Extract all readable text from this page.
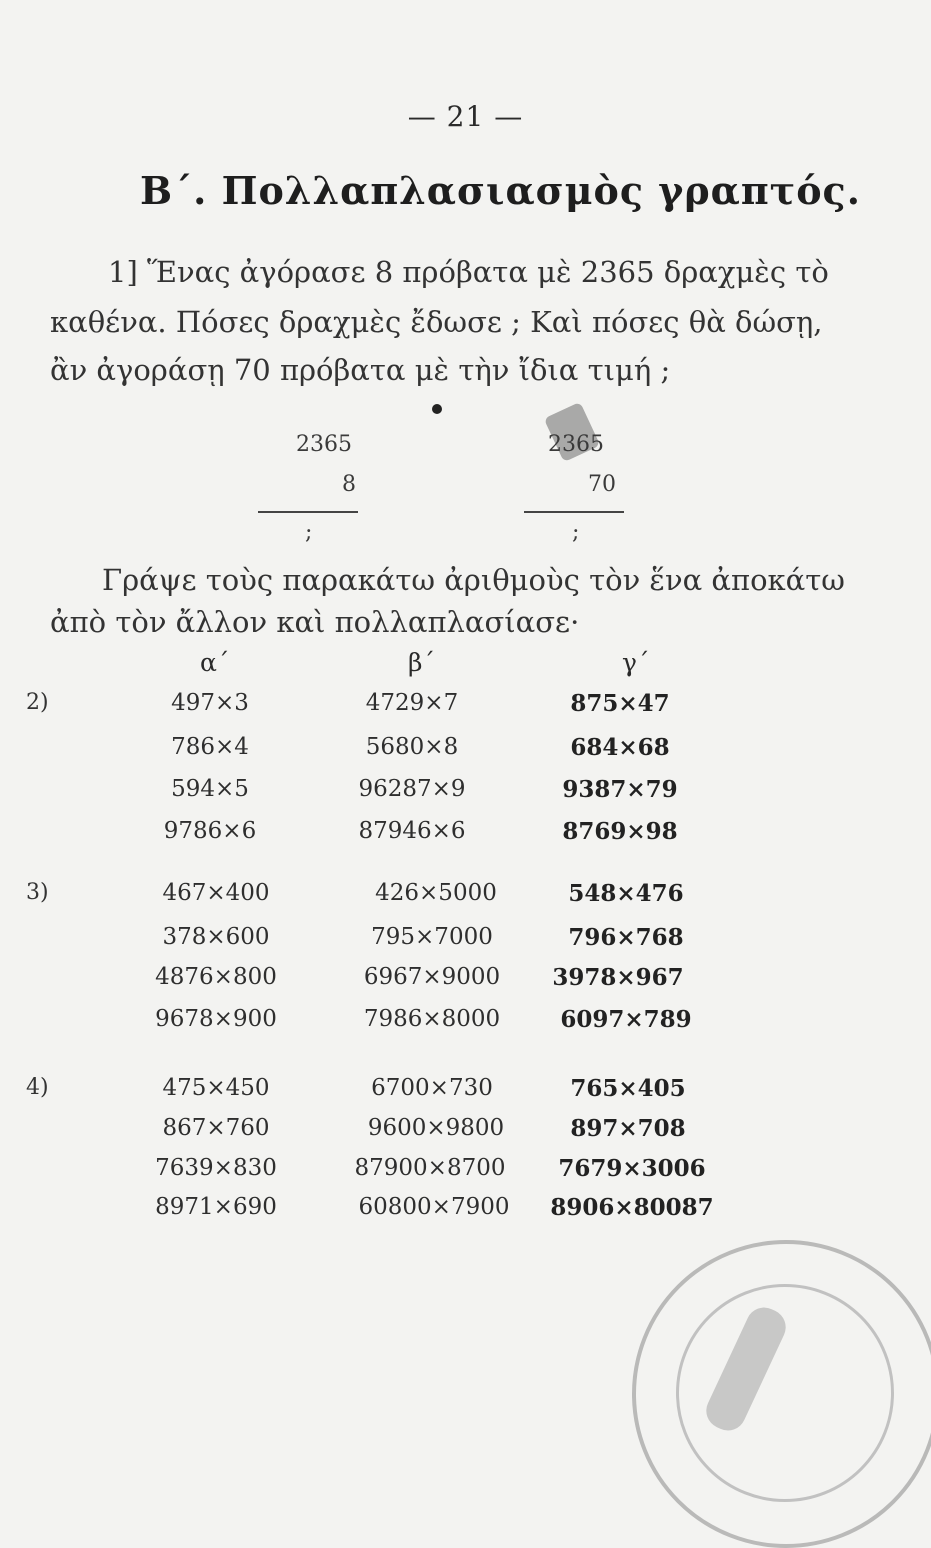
— 21 —
Β΄. Πολλαπλασιασμὸς γραπτός.
1] Ἕνας ἀγόρασε 8 πρόβατα μὲ 2365 δραχμὲς τὸ
καθένα. Πόσες δραχμὲς ἔδωσε ; Καὶ πόσες θὰ δώσῃ,
ἂν ἀγοράσῃ 70 πρόβατα μὲ τὴν ἴδια τιμή ;
2365
8
;
2365
70
;
Γράψε τοὺς παρακάτω ἀριθμοὺς τὸν ἕνα ἀποκάτω
ἀπὸ τὸν ἄλλον καὶ πολλαπλασίασε·
α΄	β΄	γ΄
2)	497×3	4729×7	875×47
786×4	5680×8	684×68
594×5	96287×9	9387×79
9786×6	87946×6	8769×98
3)	467×400	426×5000	548×476
378×600	795×7000	796×768
4876×800	6967×9000	3978×967
9678×900	7986×8000	6097×789
4)	475×450	6700×730	765×405
867×760	9600×9800	897×708
7639×830	87900×8700	7679×3006
8971×690	60800×7900	8906×80087
